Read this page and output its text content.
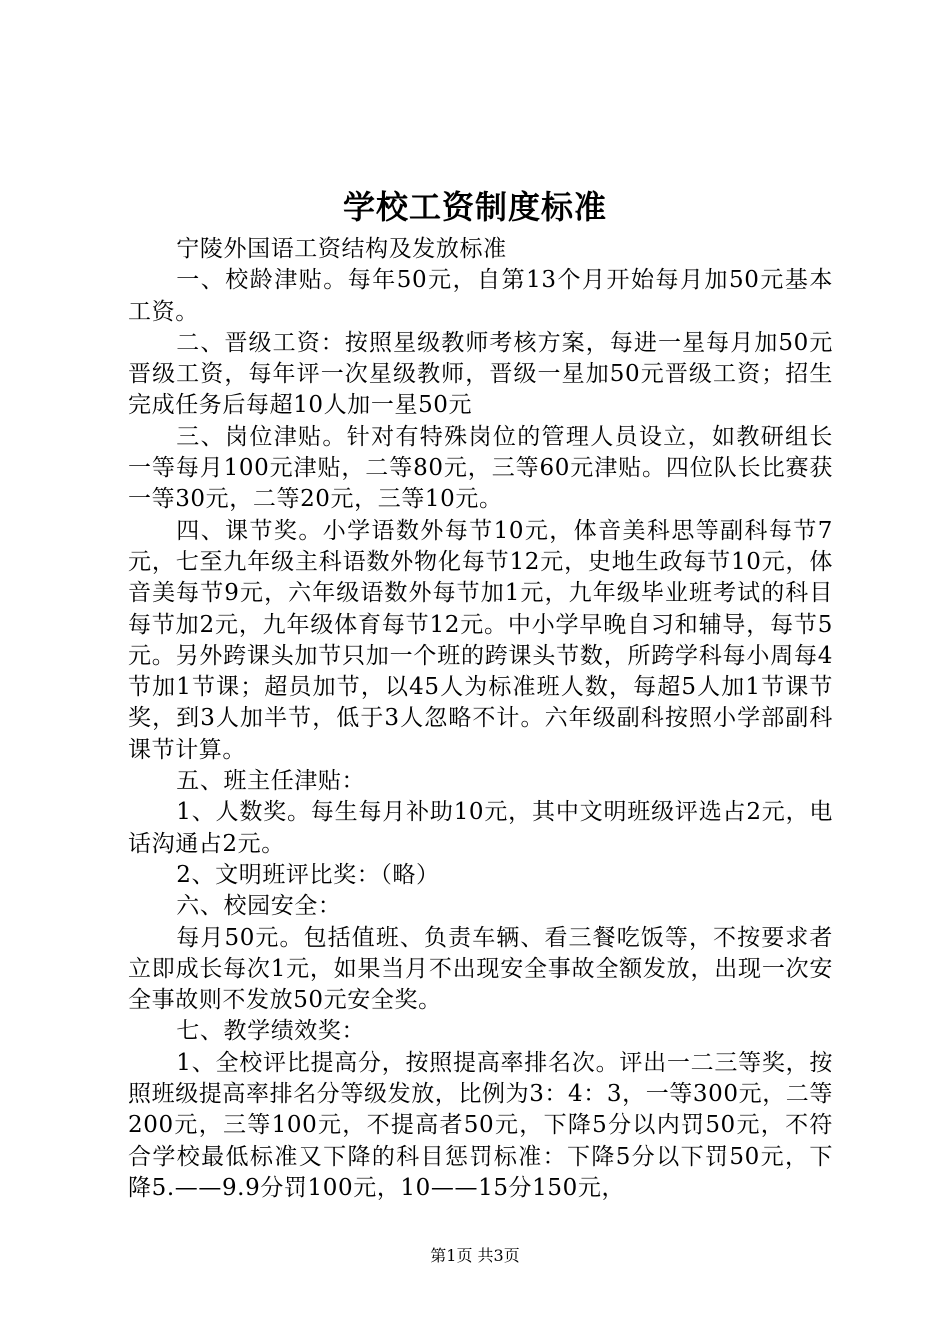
学校工资制度标准

宁陵外国语工资结构及发放标准

一、校龄津贴。每年50元，自第13个月开始每月加50元基本工资。

二、晋级工资：按照星级教师考核方案，每进一星每月加50元晋级工资，每年评一次星级教师，晋级一星加50元晋级工资；招生完成任务后每超10人加一星50元

三、岗位津贴。针对有特殊岗位的管理人员设立，如教研组长一等每月100元津贴，二等80元，三等60元津贴。四位队长比赛获一等30元，二等20元，三等10元。

四、课节奖。小学语数外每节10元，体音美科思等副科每节7元，七至九年级主科语数外物化每节12元，史地生政每节10元，体音美每节9元，六年级语数外每节加1元，九年级毕业班考试的科目每节加2元，九年级体育每节12元。中小学早晚自习和辅导，每节5元。另外跨课头加节只加一个班的跨课头节数，所跨学科每小周每4节加1节课；超员加节，以45人为标准班人数，每超5人加1节课节奖，到3人加半节，低于3人忽略不计。六年级副科按照小学部副科课节计算。

五、班主任津贴：

1、人数奖。每生每月补助10元，其中文明班级评选占2元，电话沟通占2元。

2、文明班评比奖：（略）

六、校园安全：

每月50元。包括值班、负责车辆、看三餐吃饭等，不按要求者立即成长每次1元，如果当月不出现安全事故全额发放，出现一次安全事故则不发放50元安全奖。

七、教学绩效奖：

1、全校评比提高分，按照提高率排名次。评出一二三等奖，按照班级提高率排名分等级发放，比例为3：4：3，一等300元，二等200元，三等100元，不提高者50元，下降5分以内罚50元，不符合学校最低标准又下降的科目惩罚标准：下降5分以下罚50元，下降5.——9.9分罚100元，10——15分150元，

第1页 共3页
